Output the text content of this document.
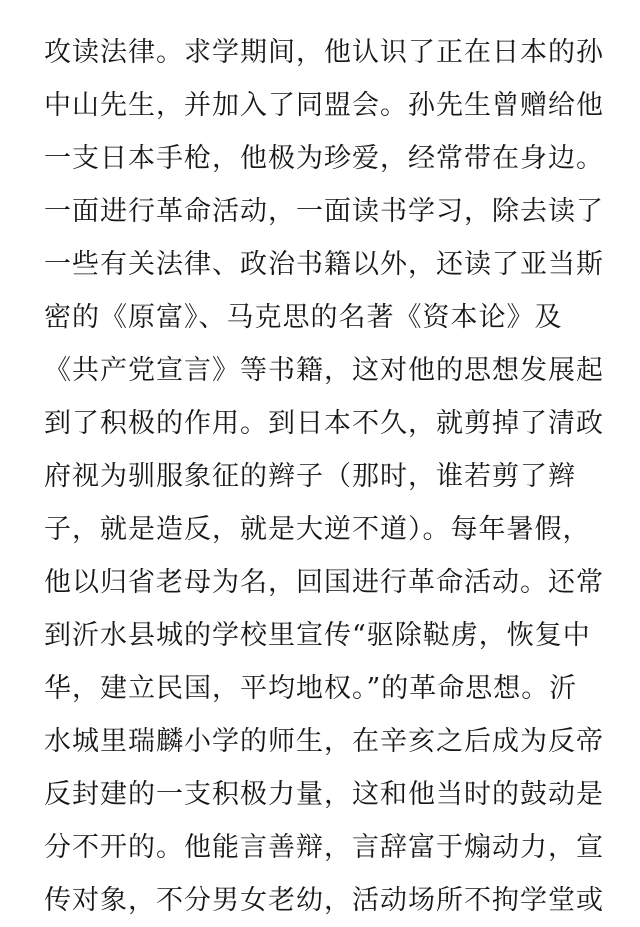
攻读法律。求学期间，他认识了正在日本的孙
中山先生，并加入了同盟会。孙先生曾赠给他
一支日本手枪，他极为珍爱，经常带在身边。
一面进行革命活动，一面读书学习，除去读了
一些有关法律、政治书籍以外，还读了亚当斯
密的《原富》、马克思的名著《资本论》及
《共产党宣言》等书籍，这对他的思想发展起
到了积极的作用。到日本不久，就剪掉了清政
府视为驯服象征的辫子（那时，谁若剪了辫
子，就是造反，就是大逆不道）。每年暑假，
他以归省老母为名，回国进行革命活动。还常
到沂水县城的学校里宣传“驱除鞑虏，恢复中
华，建立民国，平均地权。”的革命思想。沂
水城里瑞麟小学的师生，在辛亥之后成为反帝
反封建的一支积极力量，这和他当时的鼓动是
分不开的。他能言善辩，言辞富于煽动力，宣
传对象，不分男女老幼，活动场所不拘学堂或
